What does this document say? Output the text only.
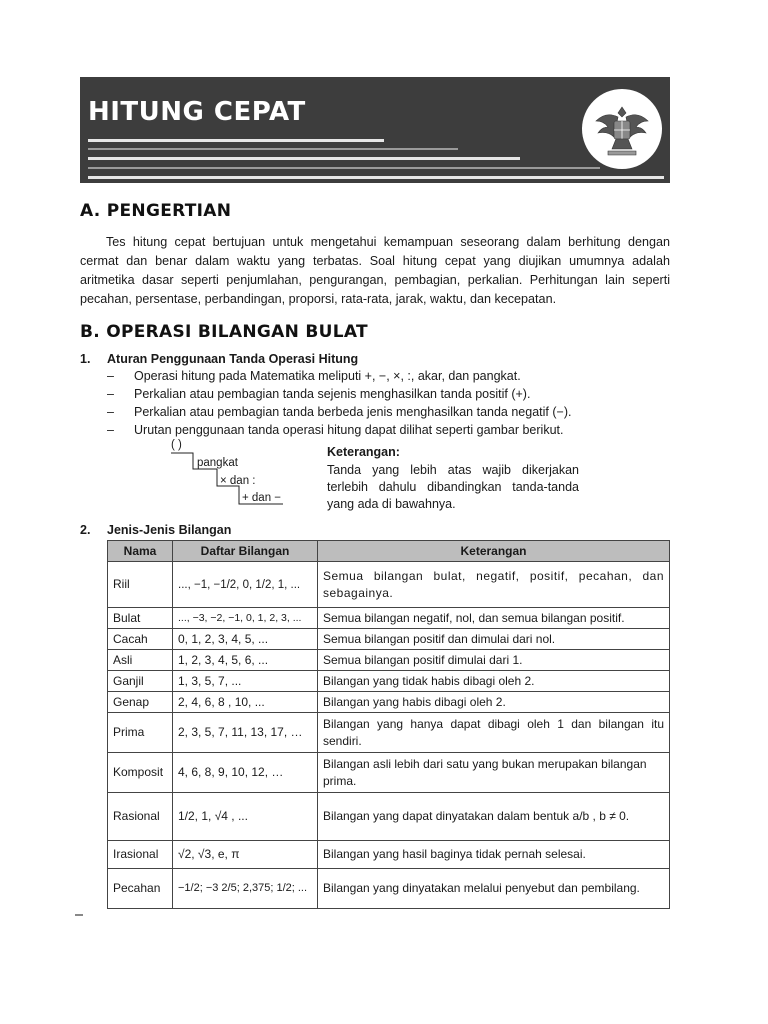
HITUNG CEPAT
A. PENGERTIAN
Tes hitung cepat bertujuan untuk mengetahui kemampuan seseorang dalam berhitung dengan cermat dan benar dalam waktu yang terbatas. Soal hitung cepat yang diujikan umumnya adalah aritmetika dasar seperti penjumlahan, pengurangan, pembagian, perkalian. Perhitungan lain seperti pecahan, persentase, perbandingan, proporsi, rata-rata, jarak, waktu, dan kecepatan.
B. OPERASI BILANGAN BULAT
1. Aturan Penggunaan Tanda Operasi Hitung
– Operasi hitung pada Matematika meliputi +, −, ×, :, akar, dan pangkat.
– Perkalian atau pembagian tanda sejenis menghasilkan tanda positif (+).
– Perkalian atau pembagian tanda berbeda jenis menghasilkan tanda negatif (−).
– Urutan penggunaan tanda operasi hitung dapat dilihat seperti gambar berikut.
( )
pangkat
× dan :
+ dan −
Keterangan:
Tanda yang lebih atas wajib dikerjakan terlebih dahulu dibandingkan tanda-tanda yang ada di bawahnya.
2. Jenis-Jenis Bilangan
Nama	Daftar Bilangan	Keterangan
Riil	..., −1, −1/2, 0, 1/2, 1, ...	Semua bilangan bulat, negatif, positif, pecahan, dan sebagainya.
Bulat	..., −3, −2, −1, 0, 1, 2, 3, ...	Semua bilangan negatif, nol, dan semua bilangan positif.
Cacah	0, 1, 2, 3, 4, 5, ...	Semua bilangan positif dan dimulai dari nol.
Asli	1, 2, 3, 4, 5, 6, ...	Semua bilangan positif dimulai dari 1.
Ganjil	1, 3, 5, 7, ...	Bilangan yang tidak habis dibagi oleh 2.
Genap	2, 4, 6, 8 , 10, ...	Bilangan yang habis dibagi oleh 2.
Prima	2, 3, 5, 7, 11, 13, 17, …	Bilangan yang hanya dapat dibagi oleh 1 dan bilangan itu sendiri.
Komposit	4, 6, 8, 9, 10, 12, …	Bilangan asli lebih dari satu yang bukan merupakan bilangan prima.
Rasional	1/2, 1, √4 , ...	Bilangan yang dapat dinyatakan dalam bentuk a/b , b ≠ 0.
Irasional	√2, √3, e, π	Bilangan yang hasil baginya tidak pernah selesai.
Pecahan	−1/2; −3 2/5; 2,375; 1/2; ...	Bilangan yang dinyatakan melalui penyebut dan pembilang.
